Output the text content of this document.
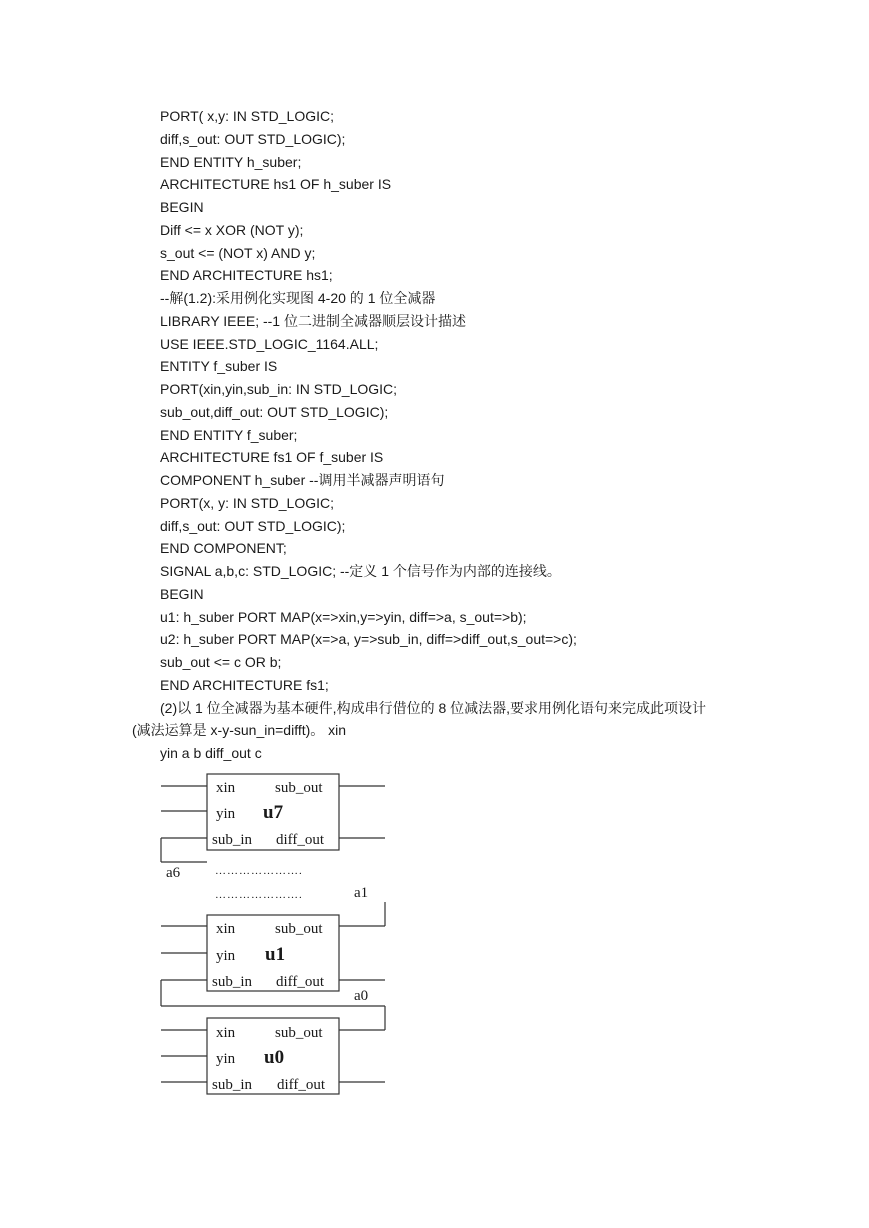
PORT( x,y: IN STD_LOGIC;
diff,s_out: OUT STD_LOGIC);
END ENTITY h_suber;
ARCHITECTURE hs1 OF h_suber IS
BEGIN
Diff <= x XOR (NOT y);
s_out <= (NOT x) AND y;
END ARCHITECTURE hs1;
--解(1.2):采用例化实现图 4-20 的 1 位全减器
LIBRARY IEEE; --1 位二进制全减器顺层设计描述
USE IEEE.STD_LOGIC_1164.ALL;
ENTITY f_suber IS
PORT(xin,yin,sub_in: IN STD_LOGIC;
sub_out,diff_out: OUT STD_LOGIC);
END ENTITY f_suber;
ARCHITECTURE fs1 OF f_suber IS
COMPONENT h_suber --调用半减器声明语句
PORT(x, y: IN STD_LOGIC;
diff,s_out: OUT STD_LOGIC);
END COMPONENT;
SIGNAL a,b,c: STD_LOGIC; --定义 1 个信号作为内部的连接线。
BEGIN
u1: h_suber PORT MAP(x=>xin,y=>yin, diff=>a, s_out=>b);
u2: h_suber PORT MAP(x=>a, y=>sub_in, diff=>diff_out,s_out=>c);
sub_out <= c OR b;
END ARCHITECTURE fs1;
(2)以 1 位全减器为基本硬件,构成串行借位的 8 位减法器,要求用例化语句来完成此项设计
(减法运算是 x-y-sun_in=difft)。 xin
yin a b diff_out c
xin	sub_out
yin u7
sub_in diff_out
a6	………………….
………………….	a1
xin	sub_out
yin u1
sub_in diff_out
a0
xin	sub_out
yin u0
sub_in diff_out
